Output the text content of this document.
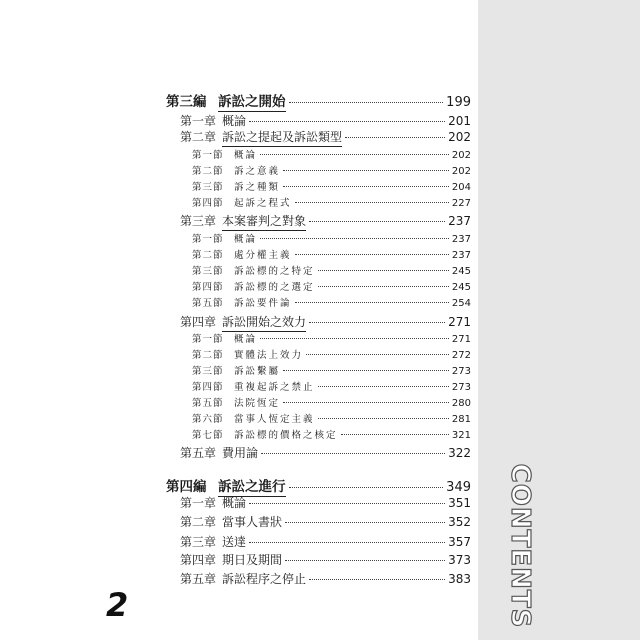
CONTENTS
第三編 訴訟之開始	199
第一章 概論	201
第二章 訴訟之提起及訴訟類型	202
第一節	概論	202
第二節	訴之意義	202
第三節	訴之種類	204
第四節	起訴之程式	227
第三章 本案審判之對象	237
第一節	概論	237
第二節	處分權主義	237
第三節	訴訟標的之特定	245
第四節	訴訟標的之選定	245
第五節	訴訟要件論	254
第四章 訴訟開始之效力	271
第一節	概論	271
第二節	實體法上效力	272
第三節	訴訟繫屬	273
第四節	重複起訴之禁止	273
第五節	法院恆定	280
第六節	當事人恆定主義	281
第七節	訴訟標的價格之核定	321
第五章 費用論	322
第四編 訴訟之進行	349
第一章 概論	351
第二章 當事人書狀	352
第三章 送達	357
第四章 期日及期間	373
第五章 訴訟程序之停止	383
2
